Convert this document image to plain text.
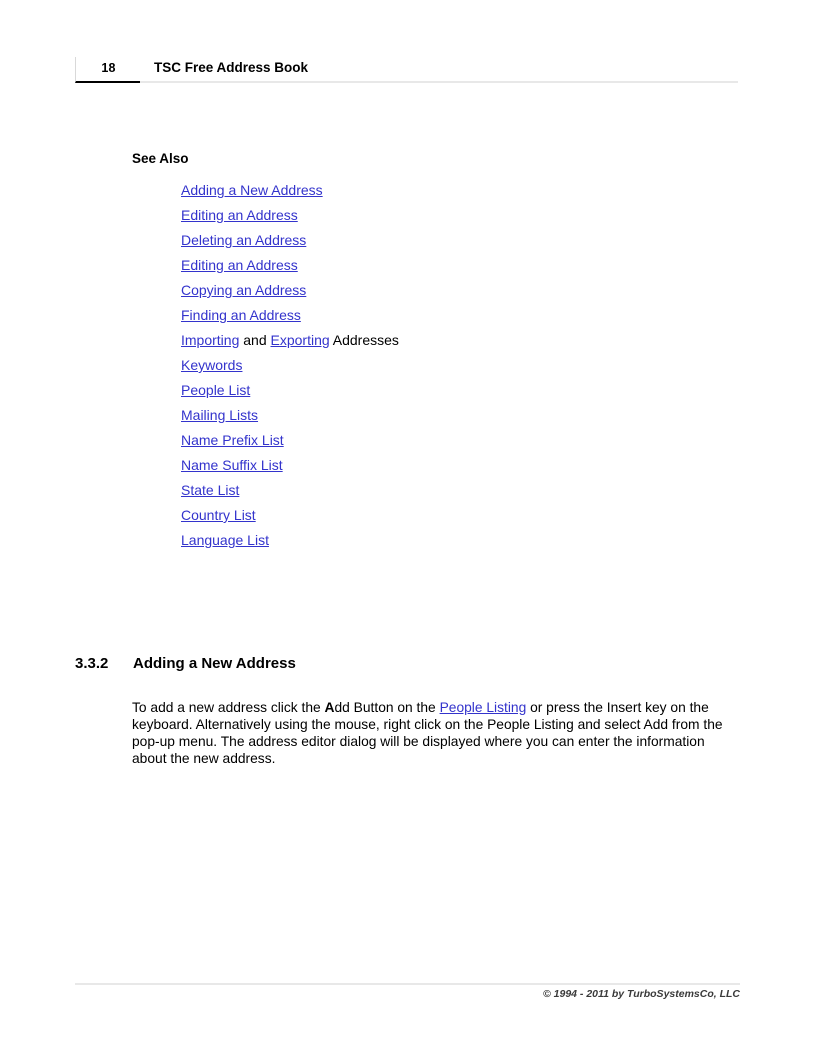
18	TSC Free Address Book
See Also
Adding a New Address
Editing an Address
Deleting an Address
Editing an Address
Copying an Address
Finding an Address
Importing and Exporting Addresses
Keywords
People List
Mailing Lists
Name Prefix List
Name Suffix List
State List
Country List
Language List
3.3.2 Adding a New Address

To add a new address click the Add Button on the People Listing or press the Insert key on the keyboard. Alternatively using the mouse, right click on the People Listing and select Add from the pop-up menu. The address editor dialog will be displayed where you can enter the information about the new address.

© 1994 - 2011 by TurboSystemsCo, LLC
